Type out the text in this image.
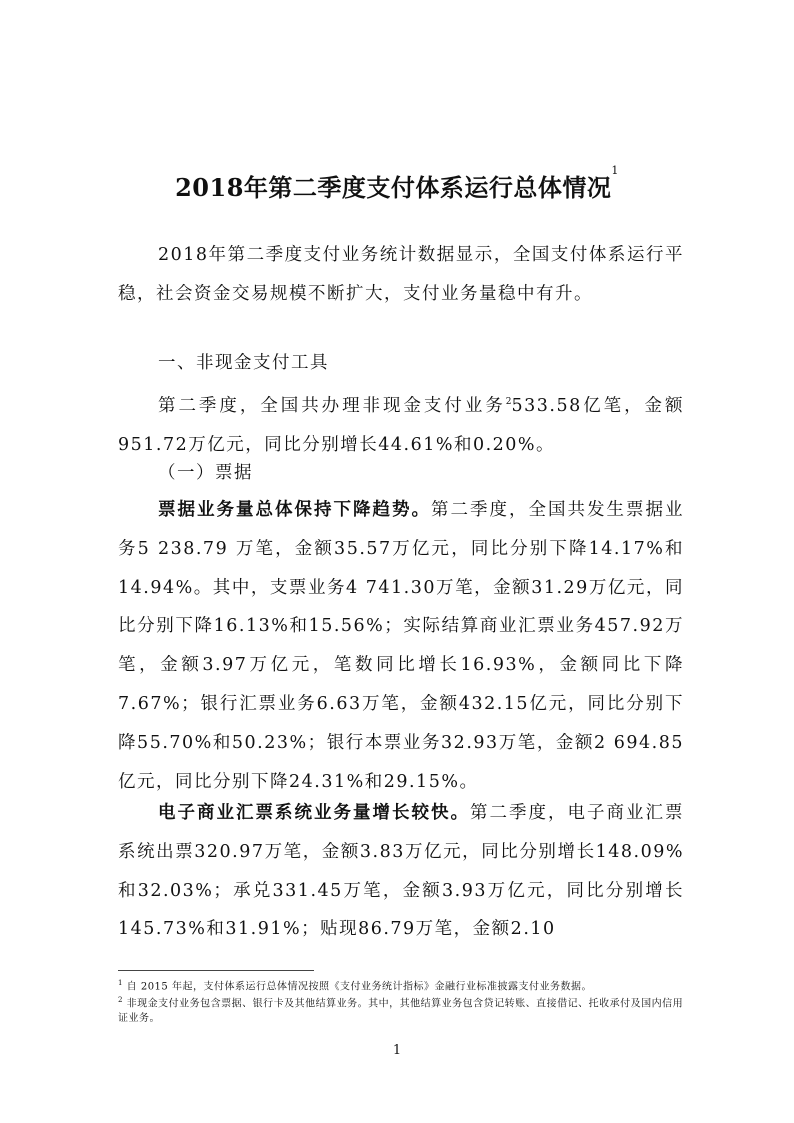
2018年第二季度支付体系运行总体情况$^1$

2018年第二季度支付业务统计数据显示，全国支付体系运行平稳，社会资金交易规模不断扩大，支付业务量稳中有升。

一、非现金支付工具

第二季度，全国共办理非现金支付业务$^2$533.58亿笔，金额951.72万亿元，同比分别增长44.61%和0.20%。

（一）票据

票据业务量总体保持下降趋势。第二季度，全国共发生票据业务5 238.79 万笔，金额35.57万亿元，同比分别下降14.17%和14.94%。其中，支票业务4 741.30万笔，金额31.29万亿元，同比分别下降16.13%和15.56%；实际结算商业汇票业务457.92万笔，金额3.97万亿元，笔数同比增长16.93%，金额同比下降7.67%；银行汇票业务6.63万笔，金额432.15亿元，同比分别下降55.70%和50.23%；银行本票业务32.93万笔，金额2 694.85亿元，同比分别下降24.31%和29.15%。

电子商业汇票系统业务量增长较快。第二季度，电子商业汇票系统出票320.97万笔，金额3.83万亿元，同比分别增长148.09%和32.03%；承兑331.45万笔，金额3.93万亿元，同比分别增长145.73%和31.91%；贴现86.79万笔，金额2.10

$^1$ 自 2015 年起，支付体系运行总体情况按照《支付业务统计指标》金融行业标准披露支付业务数据。

$^2$ 非现金支付业务包含票据、银行卡及其他结算业务。其中，其他结算业务包含贷记转账、直接借记、托收承付及国内信用证业务。

1
